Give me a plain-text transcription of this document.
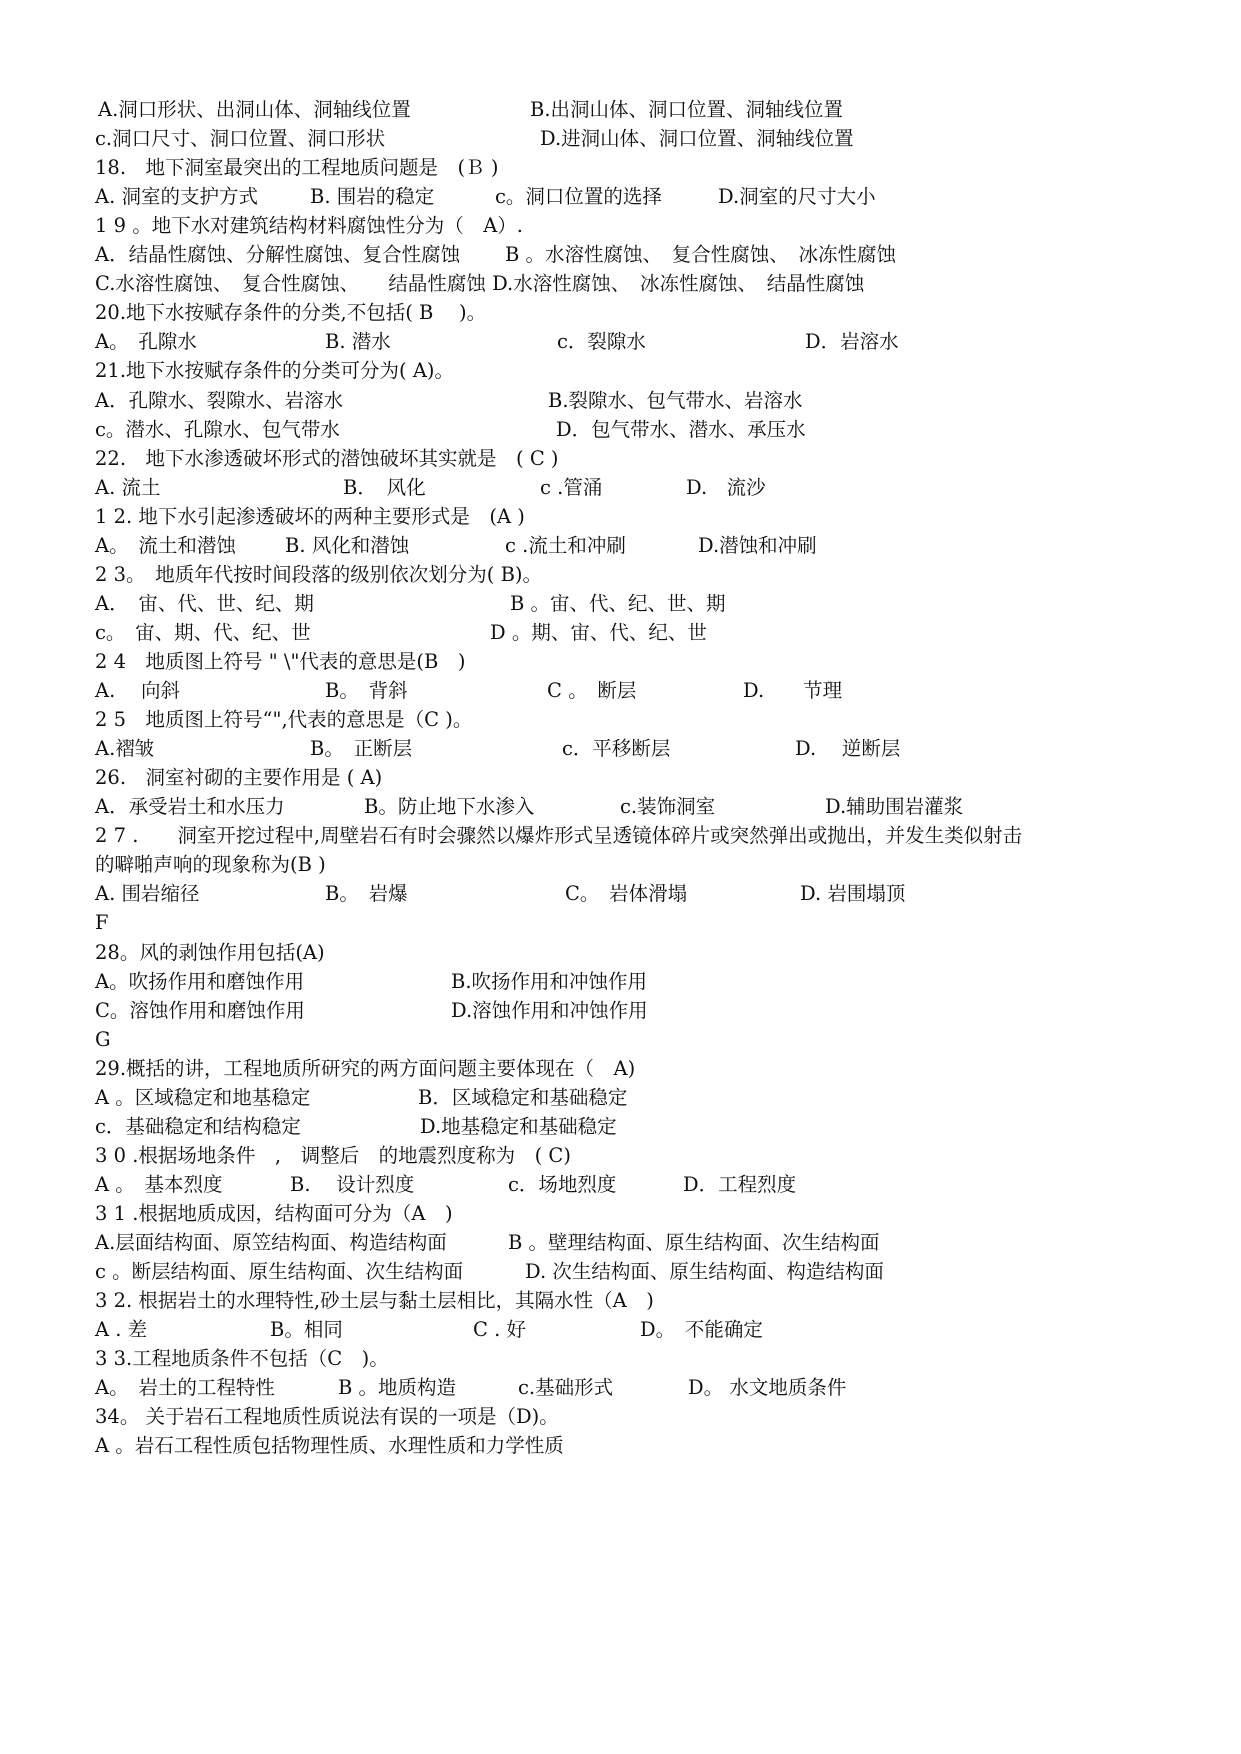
A.洞口形状、出洞山体、洞轴线位置	B.出洞山体、洞口位置、洞轴线位置
c.洞口尺寸、洞口位置、洞口形状	D.进洞山体、洞口位置、洞轴线位置
18.　地下洞室最突出的工程地质问题是　(Ｂ )
A. 洞室的支护方式	B. 围岩的稳定	c。洞口位置的选择	D.洞室的尺寸大小
1 9 。地下水对建筑结构材料腐蚀性分为（　A）.
A．结晶性腐蚀、分解性腐蚀、复合性腐蚀 B 。水溶性腐蚀、　复合性腐蚀、　冰冻性腐蚀
C.水溶性腐蚀、　复合性腐蚀、　　结晶性腐蚀 D.水溶性腐蚀、　冰冻性腐蚀、　结晶性腐蚀
20.地下水按赋存条件的分类,不包括( B　 )。
A。　孔隙水	B. 潜水	c．裂隙水	D．岩溶水
21.地下水按赋存条件的分类可分为( A)。
A．孔隙水、裂隙水、岩溶水	B.裂隙水、包气带水、岩溶水
c。潜水、孔隙水、包气带水	D．包气带水、潜水、承压水
22.　地下水渗透破坏形式的潜蚀破坏其实就是　( C )
A. 流土	B．　风化	c .管涌	D.　流沙
1 2. 地下水引起渗透破坏的两种主要形式是　(A )
A。　流土和潜蚀	B. 风化和潜蚀	c .流土和冲刷	D.潜蚀和冲刷
2 3。　地质年代按时间段落的级别依次划分为( B)。
A．　宙、代、世、纪、期	B 。宙、代、纪、世、期
c。　宙、期、代、纪、世	D 。期、宙、代、纪、世
2 4　地质图上符号 " \"代表的意思是(B　)
A.　 向斜	B。　背斜	C 。　断层	D.　　节理
2 5　地质图上符号“",代表的意思是（C )。
A.褶皱	B。　正断层	c．平移断层	D.　 逆断层
26.　洞室衬砌的主要作用是 ( A)
A．承受岩土和水压力	B。防止地下水渗入	c.装饰洞室	D.辅助围岩灌浆
2 7 .　　洞室开挖过程中,周壁岩石有时会骤然以爆炸形式呈透镜体碎片或突然弹出或抛出，并发生类似射击
的噼啪声响的现象称为(B )
A. 围岩缩径	B。　岩爆	C。　岩体滑塌	D. 岩围塌顶
F
28。风的剥蚀作用包括(A)
A。吹扬作用和磨蚀作用	B.吹扬作用和冲蚀作用
C。溶蚀作用和磨蚀作用	D.溶蚀作用和冲蚀作用
G
29.概括的讲，工程地质所研究的两方面问题主要体现在（　A)
A 。区域稳定和地基稳定	B．区域稳定和基础稳定
c．基础稳定和结构稳定	D.地基稳定和基础稳定
3 0 .根据场地条件　,　调整后　的地震烈度称为　( C)
A 。　基本烈度	B.　 设计烈度	c．场地烈度	D．工程烈度
3 1 .根据地质成因，结构面可分为（A　)
A.层面结构面、原笠结构面、构造结构面	B 。壁理结构面、原生结构面、次生结构面
c 。断层结构面、原生结构面、次生结构面	D. 次生结构面、原生结构面、构造结构面
3 2. 根据岩土的水理特性,砂土层与黏土层相比，其隔水性（A　)
A . 差	B。相同	C . 好	D。　不能确定
3 3.工程地质条件不包括（C　)。
A。　岩土的工程特性	B 。地质构造	c.基础形式	D。 水文地质条件
34。 关于岩石工程地质性质说法有误的一项是（D)。
A 。岩石工程性质包括物理性质、水理性质和力学性质
